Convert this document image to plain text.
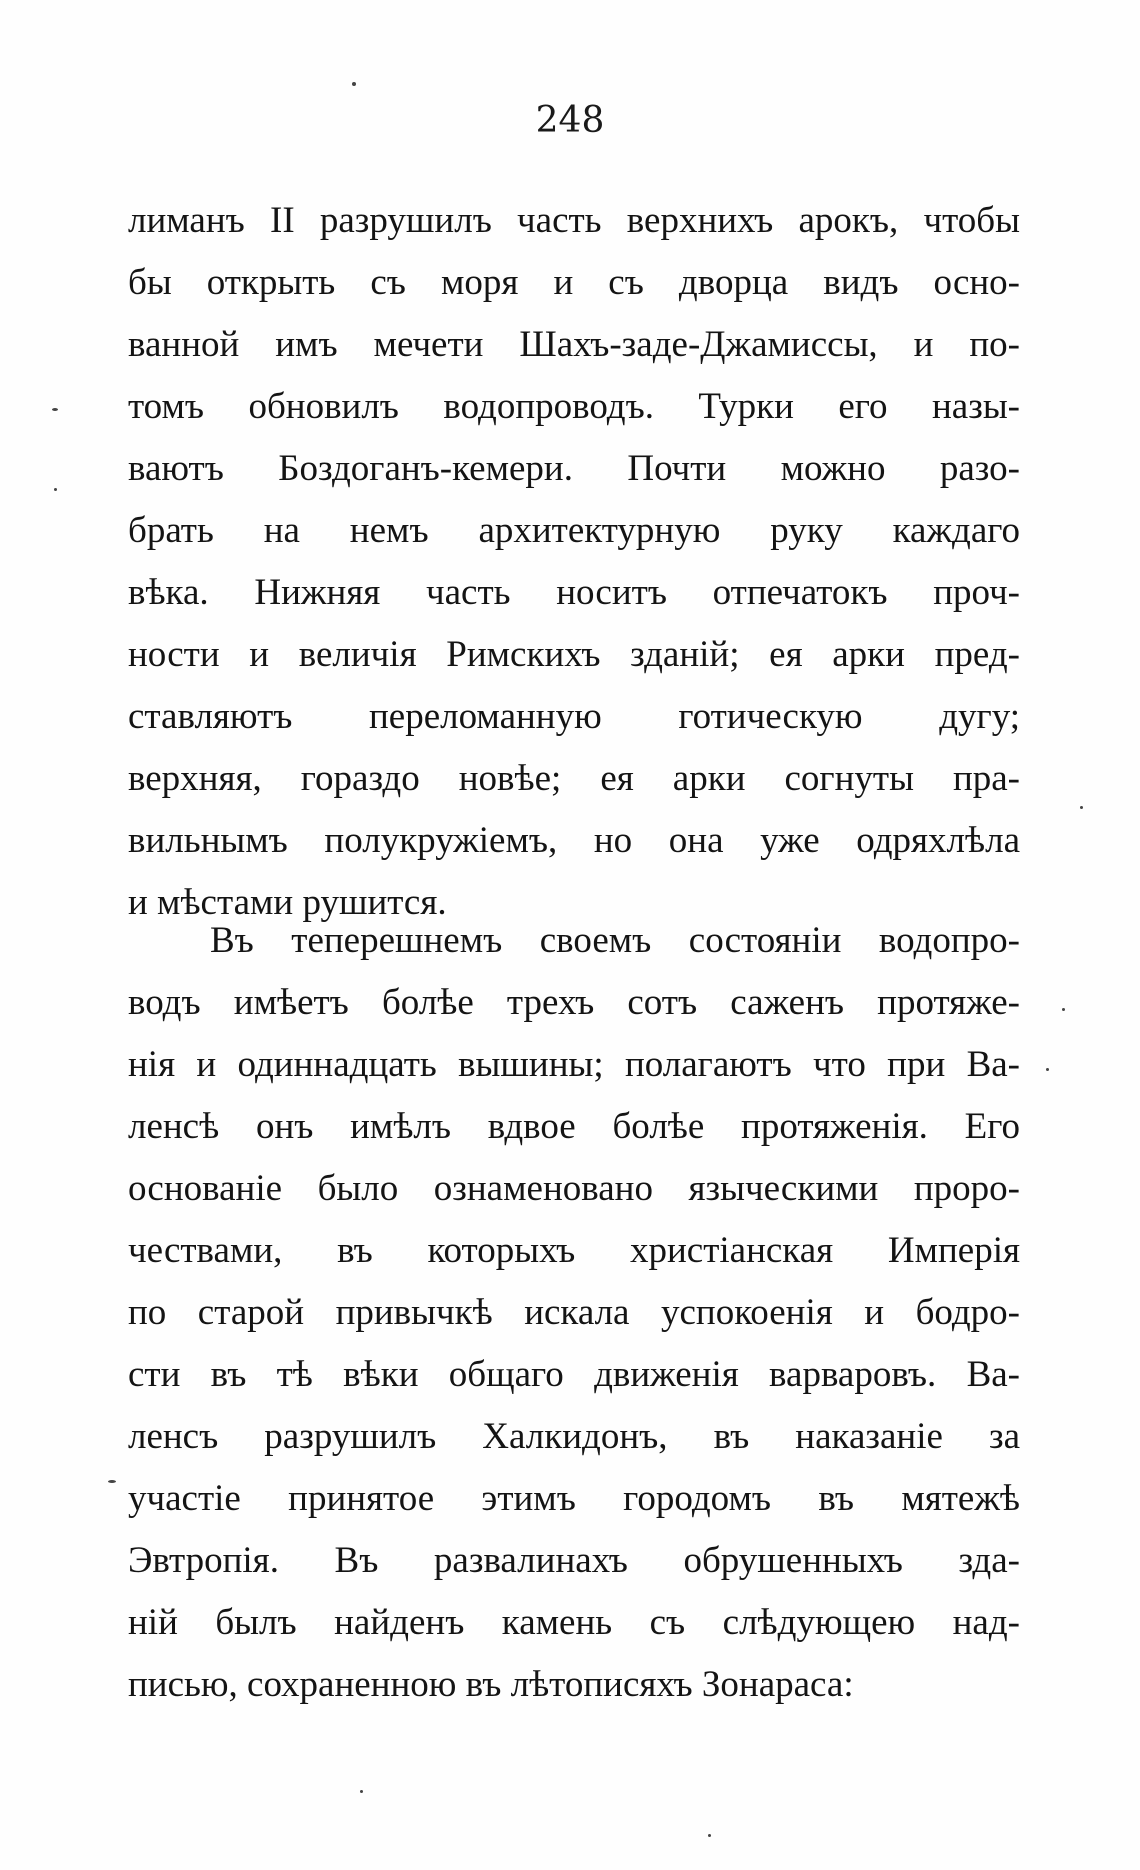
248
лиманъ II разрушилъ часть верхнихъ арокъ, чтобы
бы открыть съ моря и съ дворца видъ осно-
ванной имъ мечети Шахъ-заде-Джамиссы, и по-
томъ обновилъ водопроводъ. Турки его назы-
ваютъ Боздоганъ-кемери. Почти можно разо-
брать на немъ архитектурную руку каждаго
вѣка. Нижняя часть носитъ отпечатокъ проч-
ности и величія Римскихъ зданій; ея арки пред-
ставляютъ переломанную готическую дугу;
верхняя, гораздо новѣе; ея арки согнуты пра-
вильнымъ полукружіемъ, но она уже одряхлѣла
и мѣстами рушится.
Въ теперешнемъ своемъ состояніи водопро-
водъ имѣетъ болѣе трехъ сотъ саженъ протяже-
нія и одиннадцать вышины; полагаютъ что при Ва-
ленсѣ онъ имѣлъ вдвое болѣе протяженія. Его
основаніе было ознаменовано языческими проро-
чествами, въ которыхъ христіанская Имперія
по старой привычкѣ искала успокоенія и бодро-
сти въ тѣ вѣки общаго движенія варваровъ. Ва-
ленсъ разрушилъ Халкидонъ, въ наказаніе за
участіе принятое этимъ городомъ въ мятежѣ
Эвтропія. Въ развалинахъ обрушенныхъ зда-
ній былъ найденъ камень съ слѣдующею над-
писью, сохраненною въ лѣтописяхъ Зонараса:
